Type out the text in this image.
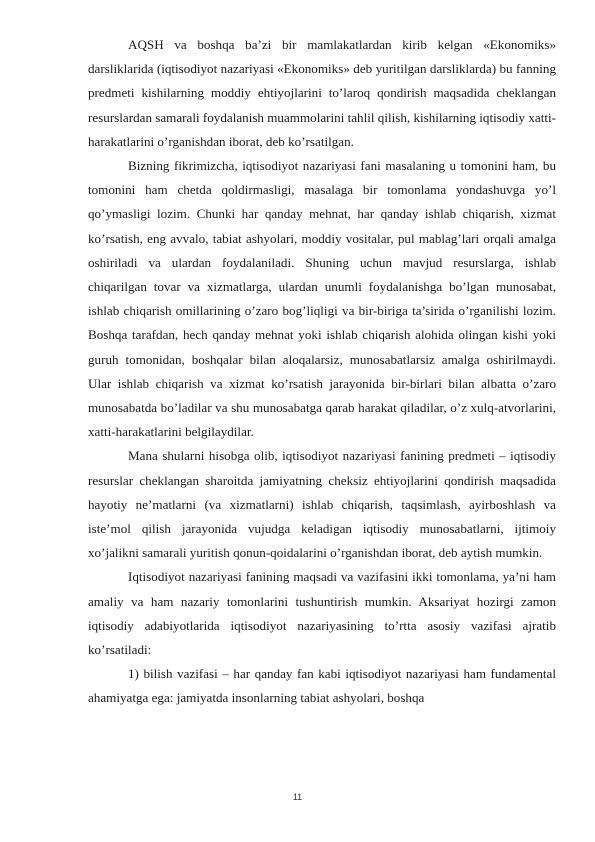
AQSH va boshqa ba’zi bir mamlakatlardan kirib kelgan «Ekonomiks» darsliklarida (iqtisodiyot nazariyasi «Ekonomiks» deb yuritilgan darsliklarda) bu fanning predmeti kishilarning moddiy ehtiyojlarini to’laroq qondirish maqsadida cheklangan resurslardan samarali foydalanish muammolarini tahlil qilish, kishilarning iqtisodiy xatti-harakatlarini o’rganishdan iborat, deb ko’rsatilgan.

Bizning fikrimizcha, iqtisodiyot nazariyasi fani masalaning u tomonini ham, bu tomonini ham chetda qoldirmasligi, masalaga bir tomonlama yondashuvga yo’l qo’ymasligi lozim. Chunki har qanday mehnat, har qanday ishlab chiqarish, xizmat ko’rsatish, eng avvalo, tabiat ashyolari, moddiy vositalar, pul mablag’lari orqali amalga oshiriladi va ulardan foydalaniladi. Shuning uchun mavjud resurslarga, ishlab chiqarilgan tovar va xizmatlarga, ulardan unumli foydalanishga bo’lgan munosabat, ishlab chiqarish omillarining o’zaro bog’liqligi va bir-biriga ta’sirida o’rganilishi lozim. Boshqa tarafdan, hech qanday mehnat yoki ishlab chiqarish alohida olingan kishi yoki guruh tomonidan, boshqalar bilan aloqalarsiz, munosabatlarsiz amalga oshirilmaydi. Ular ishlab chiqarish va xizmat ko’rsatish jarayonida bir-birlari bilan albatta o’zaro munosabatda bo’ladilar va shu munosabatga qarab harakat qiladilar, o’z xulq-atvorlarini, xatti-harakatlarini belgilaydilar.

Mana shularni hisobga olib, iqtisodiyot nazariyasi fanining predmeti – iqtisodiy resurslar cheklangan sharoitda jamiyatning cheksiz ehtiyojlarini qondirish maqsadida hayotiy ne’matlarni (va xizmatlarni) ishlab chiqarish, taqsimlash, ayirboshlash va iste’mol qilish jarayonida vujudga keladigan iqtisodiy munosabatlarni, ijtimoiy xo’jalikni samarali yuritish qonun-qoidalarini o’rganishdan iborat, deb aytish mumkin.

Iqtisodiyot nazariyasi fanining maqsadi va vazifasini ikki tomonlama, ya’ni ham amaliy va ham nazariy tomonlarini tushuntirish mumkin. Aksariyat hozirgi zamon iqtisodiy adabiyotlarida iqtisodiyot nazariyasining to’rtta asosiy vazifasi ajratib ko’rsatiladi:

1) bilish vazifasi – har qanday fan kabi iqtisodiyot nazariyasi ham fundamental ahamiyatga ega: jamiyatda insonlarning tabiat ashyolari, boshqa

11
